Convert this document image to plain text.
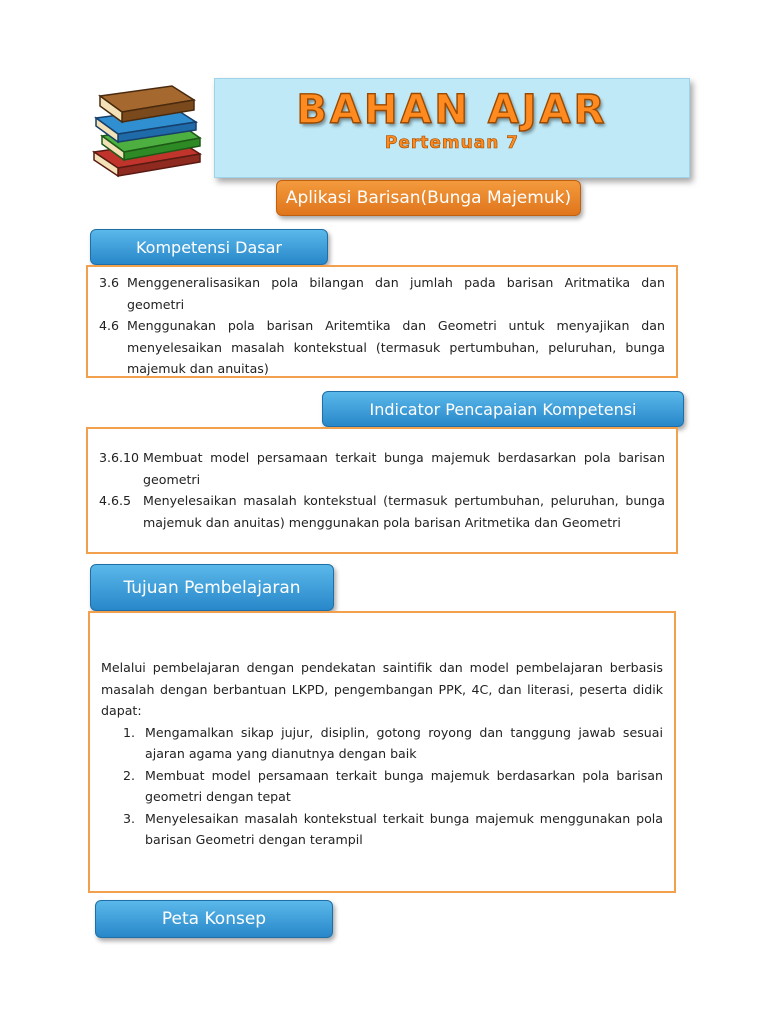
BAHAN AJAR
Pertemuan 7
Aplikasi Barisan(Bunga Majemuk)
Kompetensi Dasar
3.6 Menggeneralisasikan pola bilangan dan jumlah pada barisan Aritmatika dan geometri
4.6 Menggunakan pola barisan Aritemtika dan Geometri untuk menyajikan dan menyelesaikan masalah kontekstual (termasuk pertumbuhan, peluruhan, bunga majemuk dan anuitas)
Indicator Pencapaian Kompetensi
3.6.10 Membuat model persamaan terkait bunga majemuk berdasarkan pola barisan geometri
4.6.5 Menyelesaikan masalah kontekstual (termasuk pertumbuhan, peluruhan, bunga majemuk dan anuitas) menggunakan pola barisan Aritmetika dan Geometri
Tujuan Pembelajaran

Melalui pembelajaran dengan pendekatan saintifik dan model pembelajaran berbasis masalah dengan berbantuan LKPD, pengembangan PPK, 4C, dan literasi, peserta didik dapat:

1. Mengamalkan sikap jujur, disiplin, gotong royong dan tanggung jawab sesuai ajaran agama yang dianutnya dengan baik
2. Membuat model persamaan terkait bunga majemuk berdasarkan pola barisan geometri dengan tepat
3. Menyelesaikan masalah kontekstual terkait bunga majemuk menggunakan pola barisan Geometri dengan terampil
Peta Konsep
